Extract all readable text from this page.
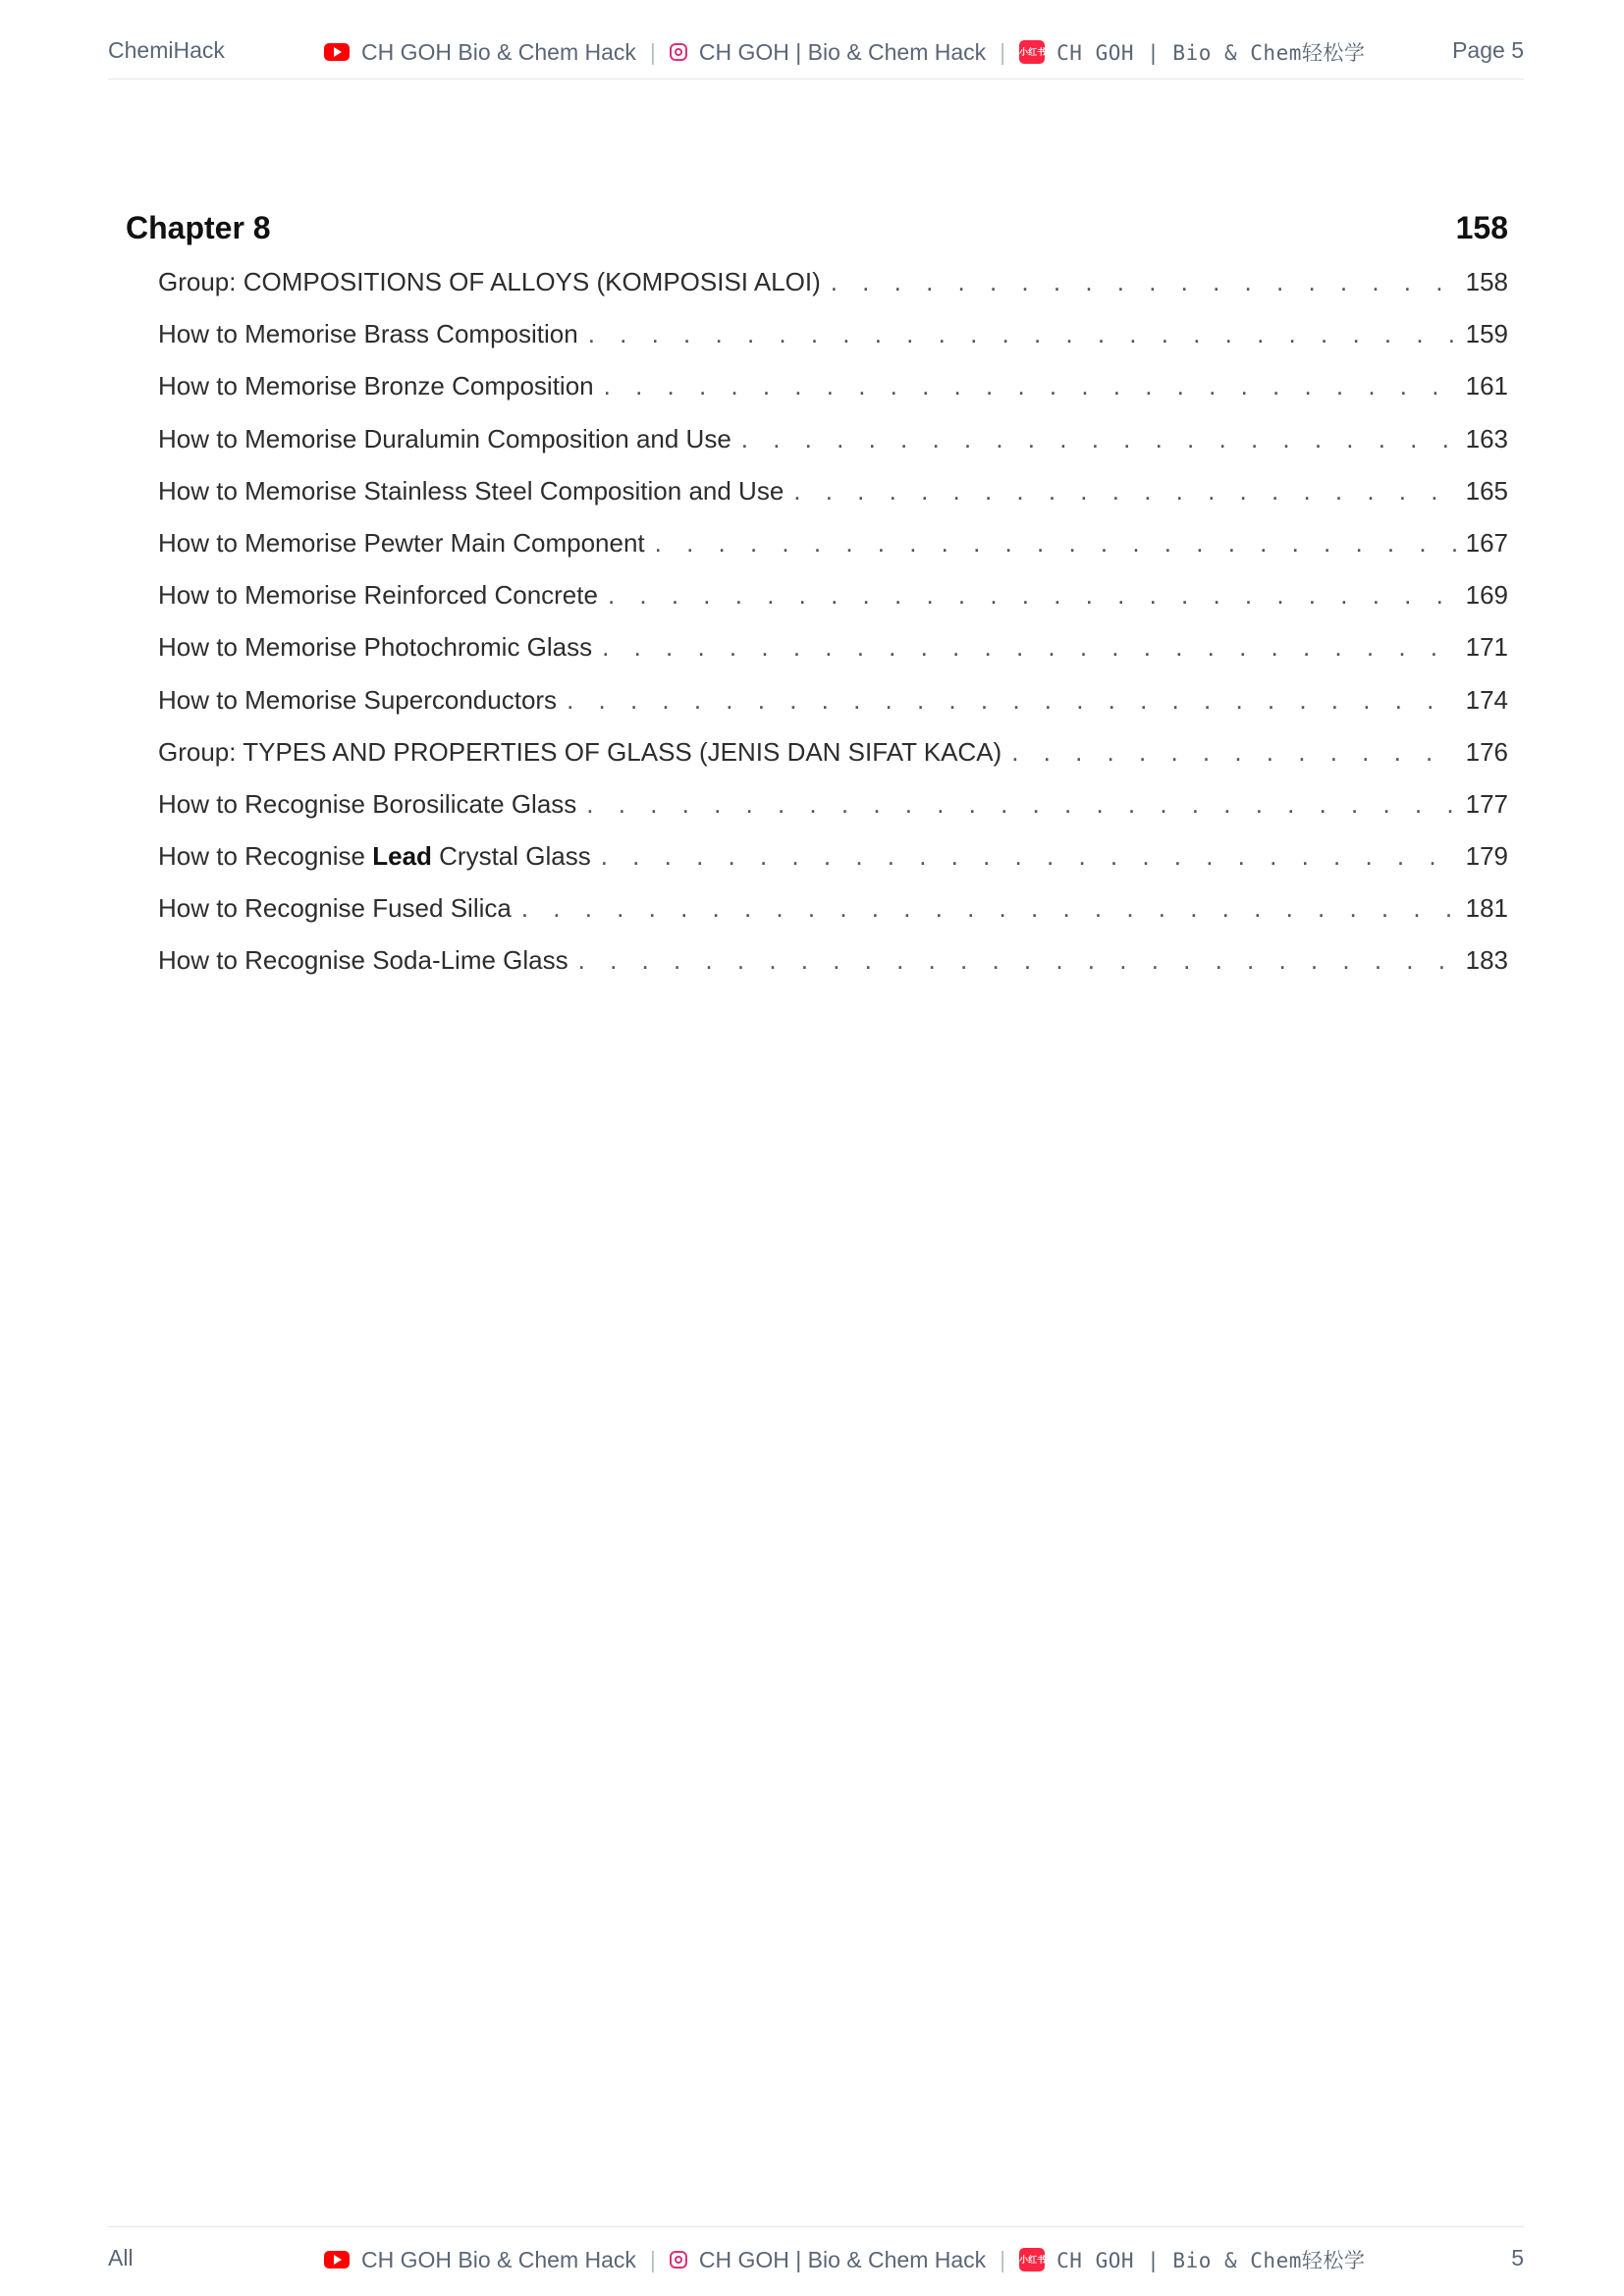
ChemiHack	CH GOH Bio & Chem Hack | CH GOH | Bio & Chem Hack | 小红书 CH GOH | Bio & Chem轻松学	Page 5
Chapter 8	158
Group: COMPOSITIONS OF ALLOYS (KOMPOSISI ALOI) . . .	158
How to Memorise Brass Composition . . .	159
How to Memorise Bronze Composition . . .	161
How to Memorise Duralumin Composition and Use . . .	163
How to Memorise Stainless Steel Composition and Use . . .	165
How to Memorise Pewter Main Component . . .	167
How to Memorise Reinforced Concrete . . .	169
How to Memorise Photochromic Glass . . .	171
How to Memorise Superconductors . . .	174
Group: TYPES AND PROPERTIES OF GLASS (JENIS DAN SIFAT KACA) . . .	176
How to Recognise Borosilicate Glass . . .	177
How to Recognise Lead Crystal Glass . . .	179
How to Recognise Fused Silica . . .	181
How to Recognise Soda-Lime Glass . . .	183
All	CH GOH Bio & Chem Hack | CH GOH | Bio & Chem Hack | 小红书 CH GOH | Bio & Chem轻松学	5
